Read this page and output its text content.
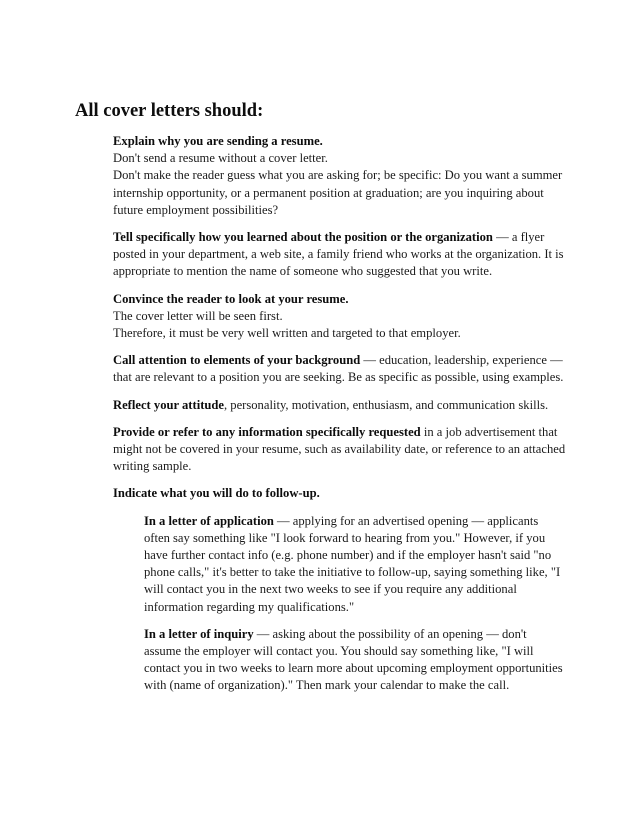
All cover letters should:

Explain why you are sending a resume.

Don't send a resume without a cover letter.

Don't make the reader guess what you are asking for; be specific: Do you want a summer internship opportunity, or a permanent position at graduation; are you inquiring about future employment possibilities?

Tell specifically how you learned about the position or the organization — a flyer posted in your department, a web site, a family friend who works at the organization. It is appropriate to mention the name of someone who suggested that you write.

Convince the reader to look at your resume.

The cover letter will be seen first.

Therefore, it must be very well written and targeted to that employer.

Call attention to elements of your background — education, leadership, experience — that are relevant to a position you are seeking. Be as specific as possible, using examples.

Reflect your attitude, personality, motivation, enthusiasm, and communication skills.

Provide or refer to any information specifically requested in a job advertisement that might not be covered in your resume, such as availability date, or reference to an attached writing sample.

Indicate what you will do to follow-up.

In a letter of application — applying for an advertised opening — applicants often say something like "I look forward to hearing from you." However, if you have further contact info (e.g. phone number) and if the employer hasn't said "no phone calls," it's better to take the initiative to follow-up, saying something like, "I will contact you in the next two weeks to see if you require any additional information regarding my qualifications."

In a letter of inquiry — asking about the possibility of an opening — don't assume the employer will contact you. You should say something like, "I will contact you in two weeks to learn more about upcoming employment opportunities with (name of organization)." Then mark your calendar to make the call.
